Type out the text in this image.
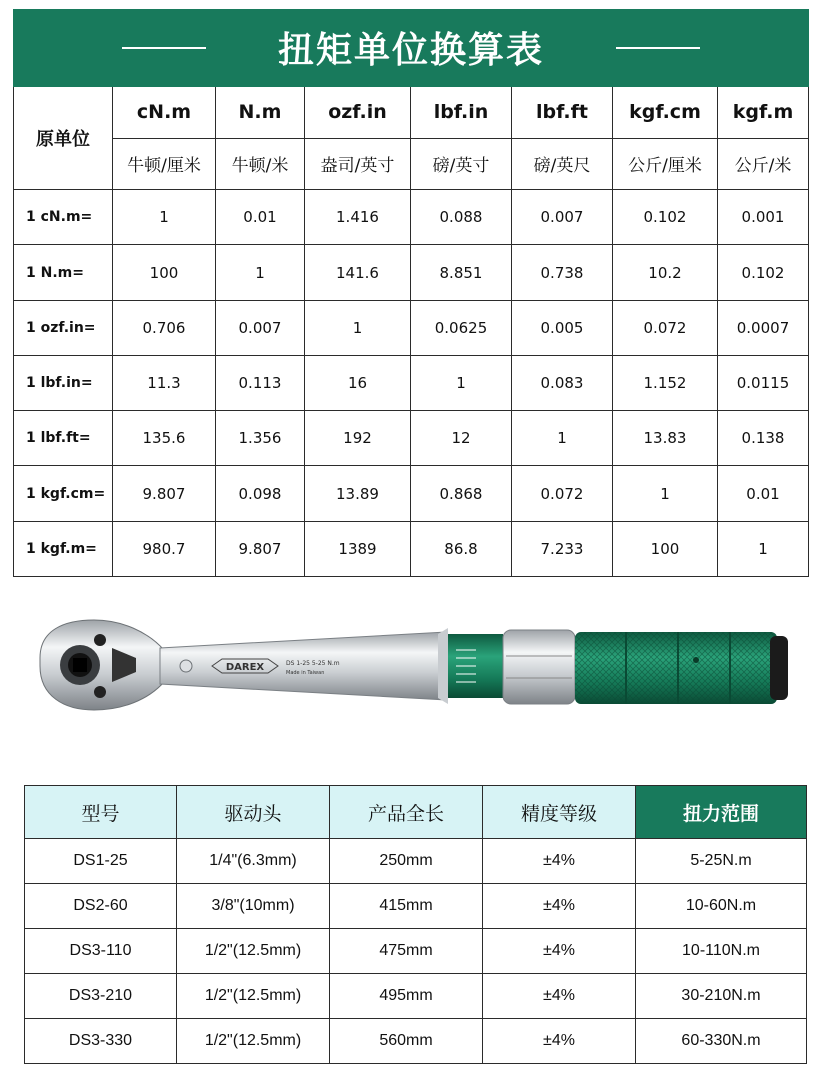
扭矩单位换算表							

原单位	cN.m	N.m	ozf.in	lbf.in	lbf.ft	kgf.cm	kgf.m
	牛顿/厘米	牛顿/米	盎司/英寸	磅/英寸	磅/英尺	公斤/厘米	公斤/米
1 cN.m=	1	0.01	1.416	0.088	0.007	0.102	0.001
1 N.m=	100	1	141.6	8.851	0.738	10.2	0.102
1 ozf.in=	0.706	0.007	1	0.0625	0.005	0.072	0.0007
1 lbf.in=	11.3	0.113	16	1	0.083	1.152	0.0115
1 lbf.ft=	135.6	1.356	192	12	1	13.83	0.138
1 kgf.cm=	9.807	0.098	13.89	0.868	0.072	1	0.01
1 kgf.m=	980.7	9.807	1389	86.8	7.233	100	1
DAREX	DS 1-25 5-25 N.m
Made in Taiwan
型号	驱动头	产品全长	精度等级	扭力范围
DS1-25	1/4"(6.3mm)	250mm	±4%	5-25N.m
DS2-60	3/8"(10mm)	415mm	±4%	10-60N.m
DS3-110	1/2"(12.5mm)	475mm	±4%	10-110N.m
DS3-210	1/2"(12.5mm)	495mm	±4%	30-210N.m
DS3-330	1/2"(12.5mm)	560mm	±4%	60-330N.m
